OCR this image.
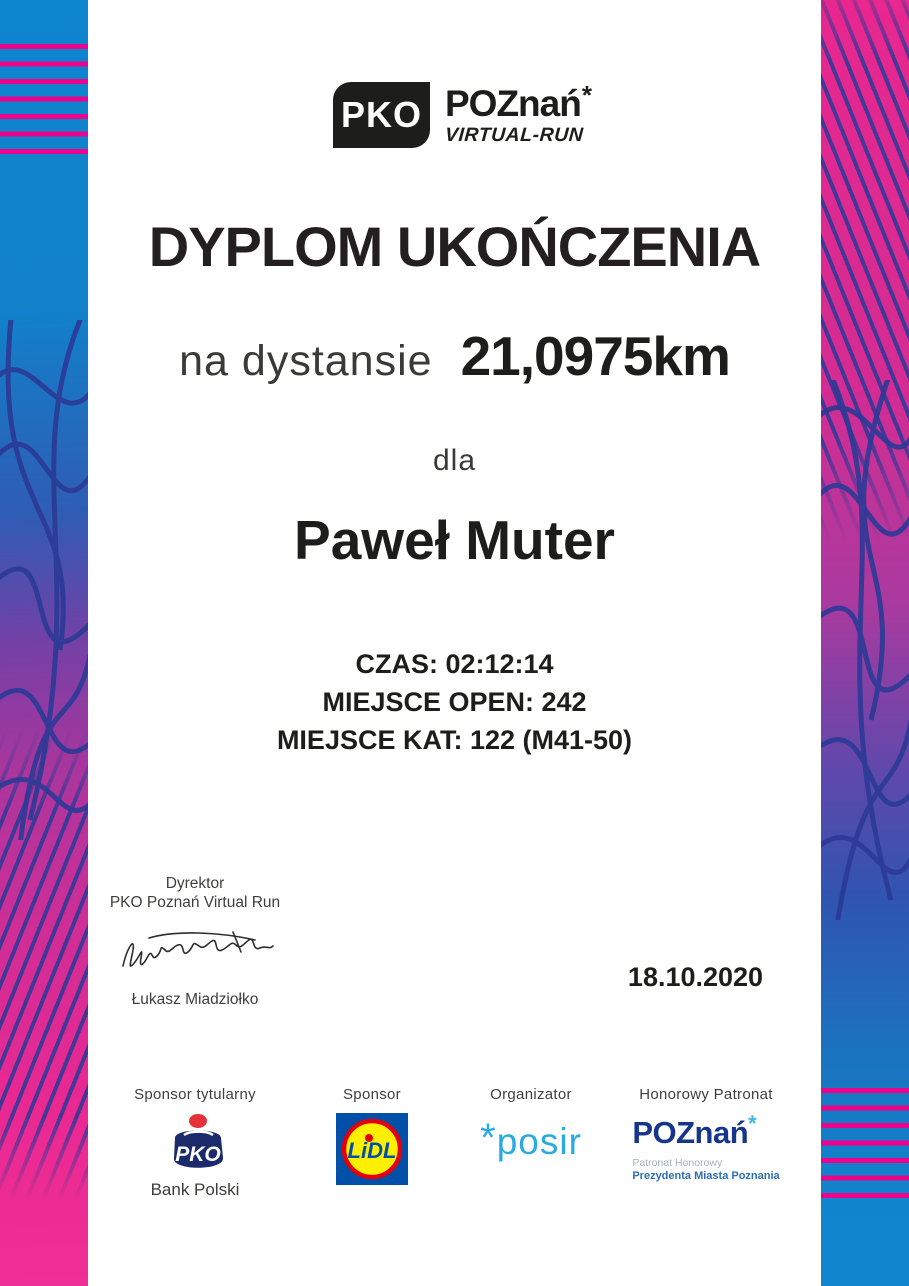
PKO POZnań*
VIRTUAL-RUN
DYPLOM UKOŃCZENIA
na dystansie 21,0975km
dla
Paweł Muter
CZAS: 02:12:14
MIEJSCE OPEN: 242
MIEJSCE KAT: 122 (M41-50)
Dyrektor
PKO Poznań Virtual Run
Łukasz Miadziołko
18.10.2020
Sponsor tytularny
PKO
Bank Polski
Sponsor
LiDL
Organizator
* posir
Honorowy Patronat
POZnań*
Patronat Honorowy
Prezydenta Miasta Poznania
